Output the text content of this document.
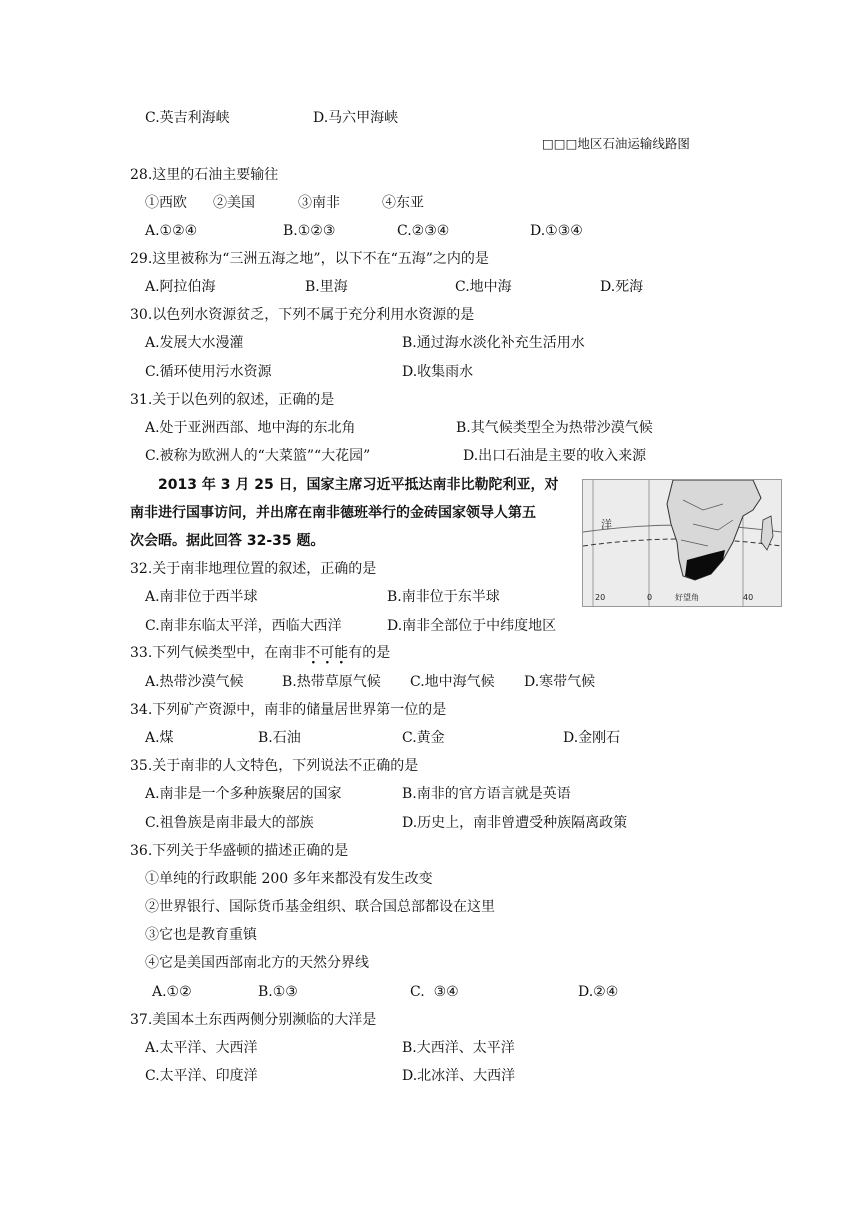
C.英吉利海峡	D.马六甲海峡
□□□地区石油运输线路图
28.这里的石油主要输往
①西欧 ②美国	③南非	④东亚
A.①②④	B.①②③	C.②③④	D.①③④
29.这里被称为“三洲五海之地”，以下不在“五海”之内的是
A.阿拉伯海	B.里海	C.地中海	D.死海
30.以色列水资源贫乏，下列不属于充分利用水资源的是
A.发展大水漫灌	B.通过海水淡化补充生活用水
C.循环使用污水资源	D.收集雨水
31.关于以色列的叙述，正确的是
A.处于亚洲西部、地中海的东北角	B.其气候类型全为热带沙漠气候
C.被称为欧洲人的“大菜篮”“大花园”	D.出口石油是主要的收入来源
2013 年 3 月 25 日，国家主席习近平抵达南非比勒陀利亚，对
南非进行国事访问，并出席在南非德班举行的金砖国家领导人第五
次会晤。据此回答 32-35 题。
洋
20	0	40
好望角
32.关于南非地理位置的叙述，正确的是
A.南非位于西半球	B.南非位于东半球
C.南非东临太平洋，西临大西洋	D.南非全部位于中纬度地区
33.下列气候类型中，在南非不可能有的是
A.热带沙漠气候	B.热带草原气候 C.地中海气候 D.寒带气候
34.下列矿产资源中，南非的储量居世界第一位的是
A.煤	B.石油	C.黄金	D.金刚石
35.关于南非的人文特色，下列说法不正确的是
A.南非是一个多种族聚居的国家	B.南非的官方语言就是英语
C.祖鲁族是南非最大的部族	D.历史上，南非曾遭受种族隔离政策
36.下列关于华盛顿的描述正确的是
①单纯的行政职能 200 多年来都没有发生改变
②世界银行、国际货币基金组织、联合国总部都设在这里
③它也是教育重镇
④它是美国西部南北方的天然分界线
A.①②	B.①③	C.  ③④	D.②④
37.美国本土东西两侧分别濒临的大洋是
A.太平洋、大西洋	B.大西洋、太平洋
C.太平洋、印度洋	D.北冰洋、大西洋
